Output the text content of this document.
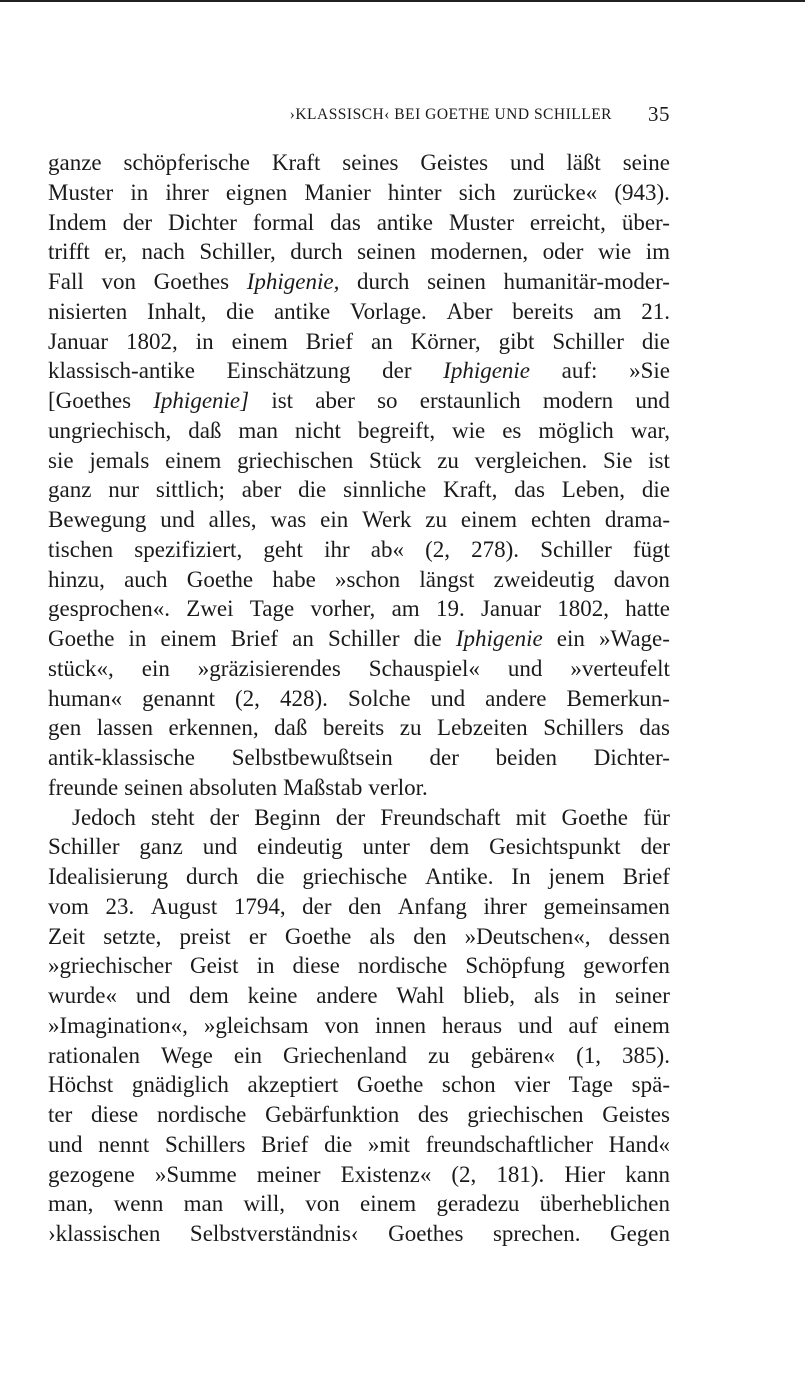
›KLASSISCH‹ BEI GOETHE UND SCHILLER 35
ganze schöpferische Kraft seines Geistes und läßt seine
Muster in ihrer eignen Manier hinter sich zurücke« (943).
Indem der Dichter formal das antike Muster erreicht, über-
trifft er, nach Schiller, durch seinen modernen, oder wie im
Fall von Goethes Iphigenie, durch seinen humanitär-moder-
nisierten Inhalt, die antike Vorlage. Aber bereits am 21.
Januar 1802, in einem Brief an Körner, gibt Schiller die
klassisch-antike Einschätzung der Iphigenie auf: »Sie
[Goethes Iphigenie] ist aber so erstaunlich modern und
ungriechisch, daß man nicht begreift, wie es möglich war,
sie jemals einem griechischen Stück zu vergleichen. Sie ist
ganz nur sittlich; aber die sinnliche Kraft, das Leben, die
Bewegung und alles, was ein Werk zu einem echten drama-
tischen spezifiziert, geht ihr ab« (2, 278). Schiller fügt
hinzu, auch Goethe habe »schon längst zweideutig davon
gesprochen«. Zwei Tage vorher, am 19. Januar 1802, hatte
Goethe in einem Brief an Schiller die Iphigenie ein »Wage-
stück«, ein »gräzisierendes Schauspiel« und »verteufelt
human« genannt (2, 428). Solche und andere Bemerkun-
gen lassen erkennen, daß bereits zu Lebzeiten Schillers das
antik-klassische Selbstbewußtsein der beiden Dichter-
freunde seinen absoluten Maßstab verlor.
Jedoch steht der Beginn der Freundschaft mit Goethe für
Schiller ganz und eindeutig unter dem Gesichtspunkt der
Idealisierung durch die griechische Antike. In jenem Brief
vom 23. August 1794, der den Anfang ihrer gemeinsamen
Zeit setzte, preist er Goethe als den »Deutschen«, dessen
»griechischer Geist in diese nordische Schöpfung geworfen
wurde« und dem keine andere Wahl blieb, als in seiner
»Imagination«, »gleichsam von innen heraus und auf einem
rationalen Wege ein Griechenland zu gebären« (1, 385).
Höchst gnädiglich akzeptiert Goethe schon vier Tage spä-
ter diese nordische Gebärfunktion des griechischen Geistes
und nennt Schillers Brief die »mit freundschaftlicher Hand«
gezogene »Summe meiner Existenz« (2, 181). Hier kann
man, wenn man will, von einem geradezu überheblichen
›klassischen Selbstverständnis‹ Goethes sprechen. Gegen
